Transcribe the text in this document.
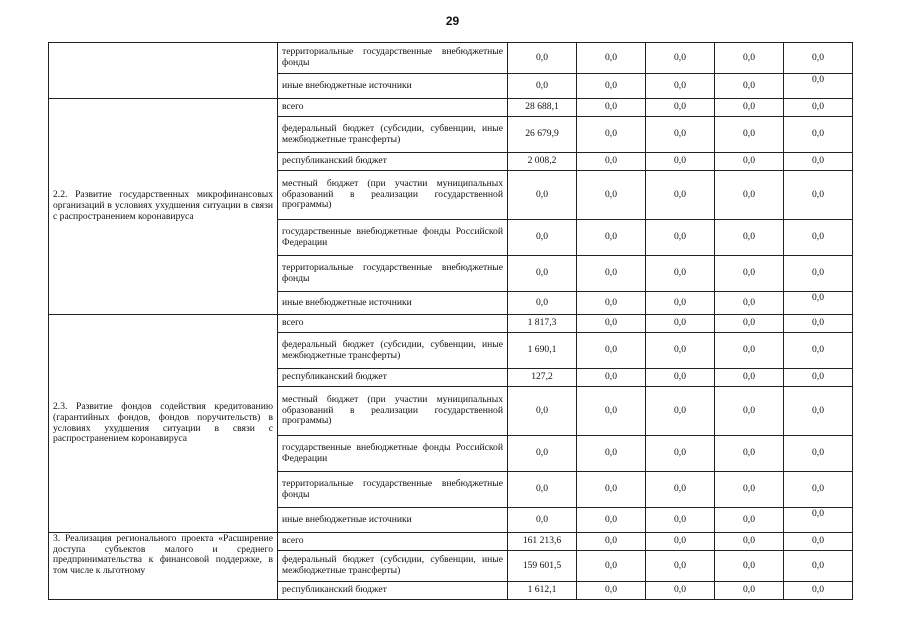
29
	территориальные государственные внебюджетные фонды	0,0	0,0	0,0	0,0	0,0
	иные внебюджетные источники	0,0	0,0	0,0	0,0	0,0
2.2. Развитие государственных микрофинансовых организаций в условиях ухудшения ситуации в связи с распространением коронавируса	всего	28 688,1	0,0	0,0	0,0	0,0
	федеральный бюджет (субсидии, субвенции, иные межбюджетные трансферты)	26 679,9	0,0	0,0	0,0	0,0
	республиканский бюджет	2 008,2	0,0	0,0	0,0	0,0
	местный бюджет (при участии муниципальных образований в реализации государственной программы)	0,0	0,0	0,0	0,0	0,0
	государственные внебюджетные фонды Российской Федерации	0,0	0,0	0,0	0,0	0,0
	территориальные государственные внебюджетные фонды	0,0	0,0	0,0	0,0	0,0
	иные внебюджетные источники	0,0	0,0	0,0	0,0	0,0
2.3. Развитие фондов содействия кредитованию (гарантийных фондов, фондов поручительств) в условиях ухудшения ситуации в связи с распространением коронавируса	всего	1 817,3	0,0	0,0	0,0	0,0
	федеральный бюджет (субсидии, субвенции, иные межбюджетные трансферты)	1 690,1	0,0	0,0	0,0	0,0
	республиканский бюджет	127,2	0,0	0,0	0,0	0,0
	местный бюджет (при участии муниципальных образований в реализации государственной программы)	0,0	0,0	0,0	0,0	0,0
	государственные внебюджетные фонды Российской Федерации	0,0	0,0	0,0	0,0	0,0
	территориальные государственные внебюджетные фонды	0,0	0,0	0,0	0,0	0,0
	иные внебюджетные источники	0,0	0,0	0,0	0,0	0,0
3. Реализация регионального проекта «Расширение доступа субъектов малого и среднего предпринимательства к финансовой поддержке, в том числе к льготному	всего	161 213,6	0,0	0,0	0,0	0,0
	федеральный бюджет (субсидии, субвенции, иные межбюджетные трансферты)	159 601,5	0,0	0,0	0,0	0,0
	республиканский бюджет	1 612,1	0,0	0,0	0,0	0,0
